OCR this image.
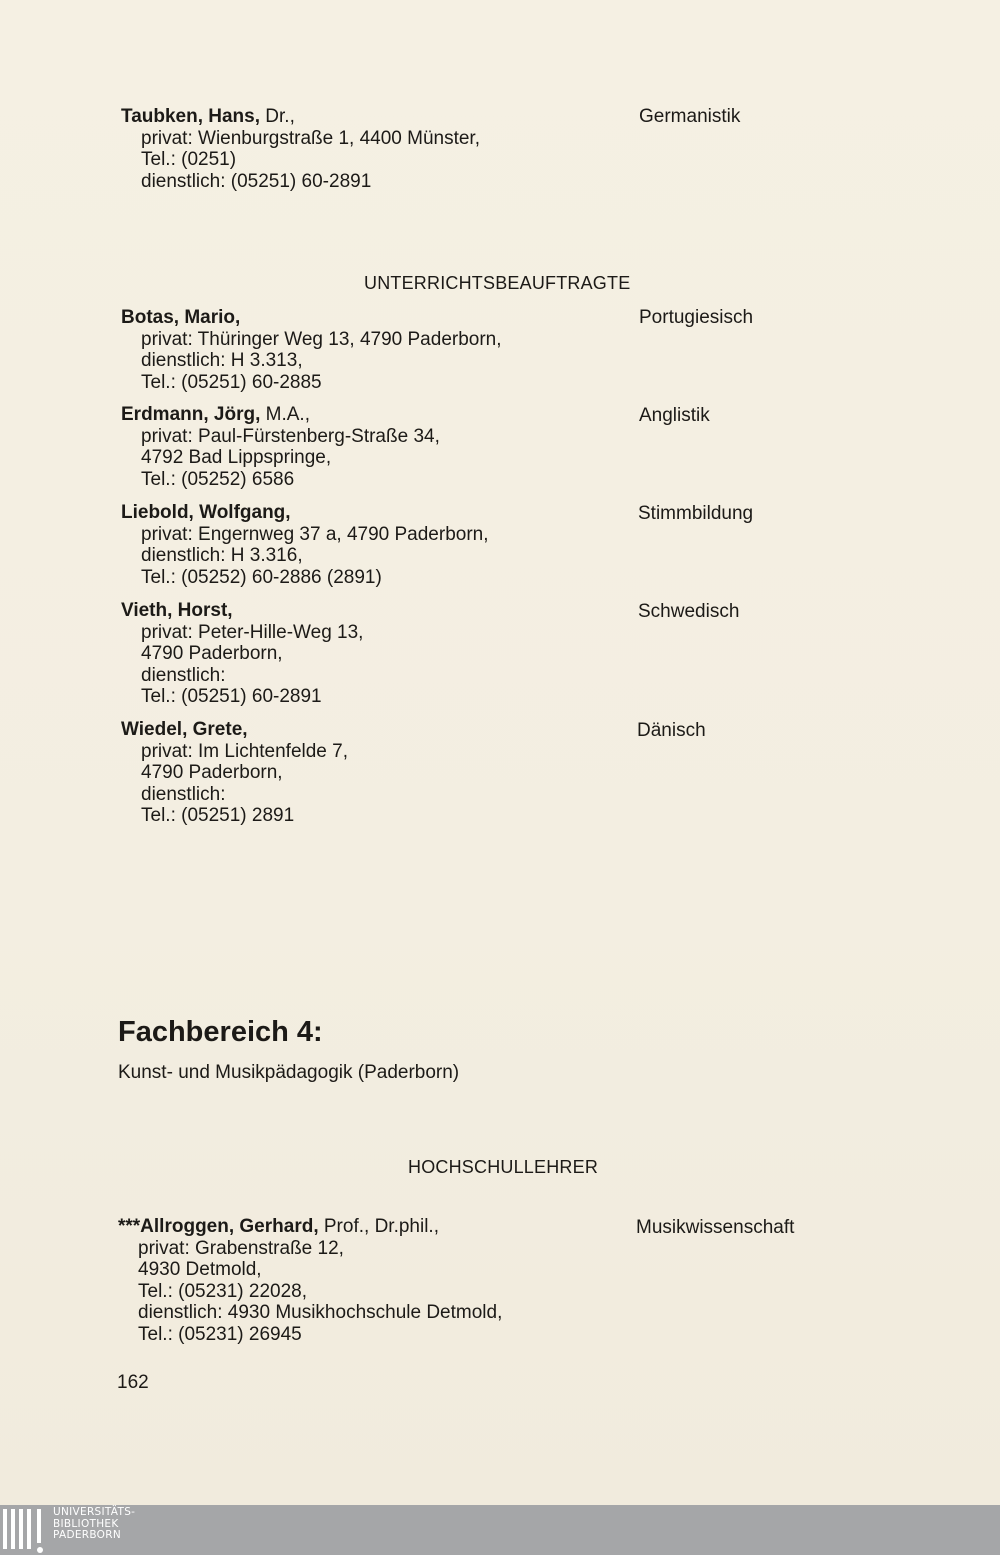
Taubken, Hans, Dr.,
privat: Wienburgstraße 1, 4400 Münster,
Tel.: (0251)
dienstlich: (05251) 60-2891
Germanistik
UNTERRICHTSBEAUFTRAGTE
Botas, Mario,
privat: Thüringer Weg 13, 4790 Paderborn,
dienstlich: H 3.313,
Tel.: (05251) 60-2885
Portugiesisch
Erdmann, Jörg, M.A.,
privat: Paul-Fürstenberg-Straße 34,
4792 Bad Lippspringe,
Tel.: (05252) 6586
Anglistik
Liebold, Wolfgang,
privat: Engernweg 37 a, 4790 Paderborn,
dienstlich: H 3.316,
Tel.: (05252) 60-2886 (2891)
Stimmbildung
Vieth, Horst,
privat: Peter-Hille-Weg 13,
4790 Paderborn,
dienstlich:
Tel.: (05251) 60-2891
Schwedisch
Wiedel, Grete,
privat: Im Lichtenfelde 7,
4790 Paderborn,
dienstlich:
Tel.: (05251) 2891
Dänisch
Fachbereich 4:
Kunst- und Musikpädagogik (Paderborn)
HOCHSCHULLEHRER
***Allroggen, Gerhard, Prof., Dr.phil.,
privat: Grabenstraße 12,
4930 Detmold,
Tel.: (05231) 22028,
dienstlich: 4930 Musikhochschule Detmold,
Tel.: (05231) 26945
Musikwissenschaft
162
UNIVERSITÄTS-
BIBLIOTHEK
PADERBORN
